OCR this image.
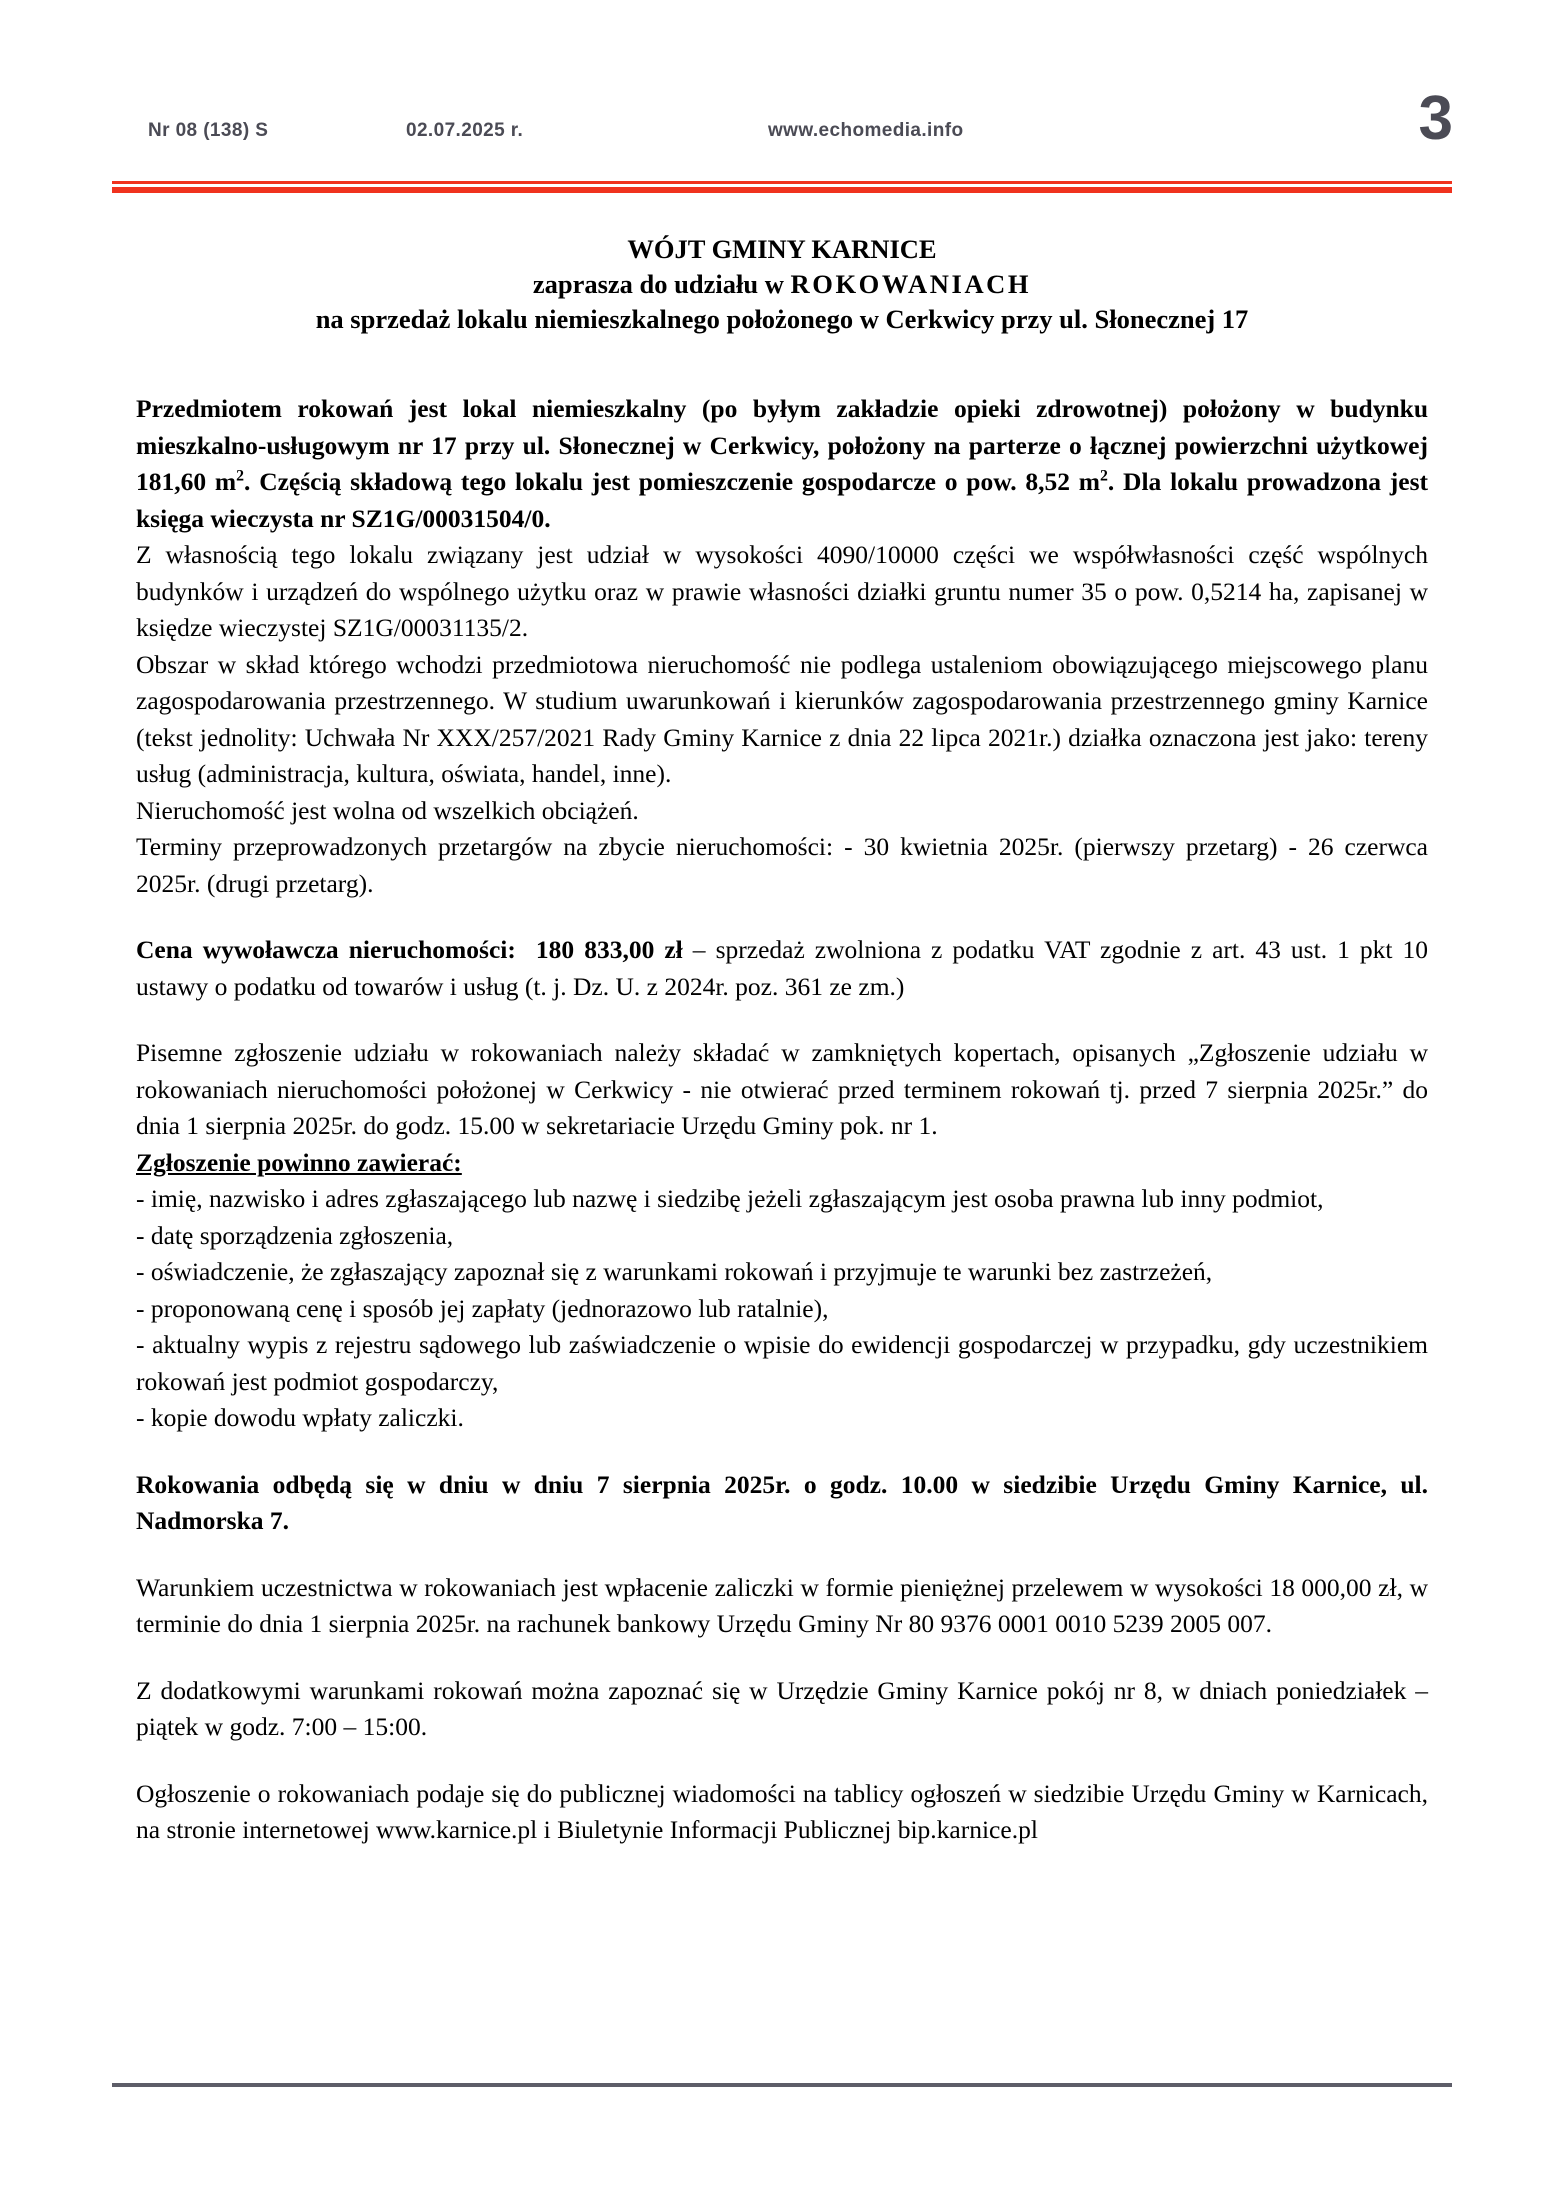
Nr 08 (138) S	02.07.2025 r.	www.echomedia.info	3
WÓJT GMINY KARNICE
zaprasza do udziału w ROKOWANIACH
na sprzedaż lokalu niemieszkalnego położonego w Cerkwicy przy ul. Słonecznej 17

Przedmiotem rokowań jest lokal niemieszkalny (po byłym zakładzie opieki zdrowotnej) położony w budynku mieszkalno-usługowym nr 17 przy ul. Słonecznej w Cerkwicy, położony na parterze o łącznej powierzchni użytkowej 181,60 $m^2$. Częścią składową tego lokalu jest pomieszczenie gospodarcze o pow. 8,52 $m^2$. Dla lokalu prowadzona jest księga wieczysta nr SZ1G/00031504/0.

Z własnością tego lokalu związany jest udział w wysokości 4090/10000 części we współwłasności część wspólnych budynków i urządzeń do wspólnego użytku oraz w prawie własności działki gruntu numer 35 o pow. 0,5214 ha, zapisanej w księdze wieczystej SZ1G/00031135/2.

Obszar w skład którego wchodzi przedmiotowa nieruchomość nie podlega ustaleniom obowiązującego miejscowego planu zagospodarowania przestrzennego. W studium uwarunkowań i kierunków zagospodarowania przestrzennego gminy Karnice (tekst jednolity: Uchwała Nr XXX/257/2021 Rady Gminy Karnice z dnia 22 lipca 2021r.) działka oznaczona jest jako: tereny usług (administracja, kultura, oświata, handel, inne).

Nieruchomość jest wolna od wszelkich obciążeń.

Terminy przeprowadzonych przetargów na zbycie nieruchomości: - 30 kwietnia 2025r. (pierwszy przetarg) - 26 czerwca 2025r. (drugi przetarg).

Cena wywoławcza nieruchomości: 180 833,00 zł – sprzedaż zwolniona z podatku VAT zgodnie z art. 43 ust. 1 pkt 10 ustawy o podatku od towarów i usług (t. j. Dz. U. z 2024r. poz. 361 ze zm.)

Pisemne zgłoszenie udziału w rokowaniach należy składać w zamkniętych kopertach, opisanych „Zgłoszenie udziału w rokowaniach nieruchomości położonej w Cerkwicy - nie otwierać przed terminem rokowań tj. przed 7 sierpnia 2025r.” do dnia 1 sierpnia 2025r. do godz. 15.00 w sekretariacie Urzędu Gminy pok. nr 1.

Zgłoszenie powinno zawierać:

- imię, nazwisko i adres zgłaszającego lub nazwę i siedzibę jeżeli zgłaszającym jest osoba prawna lub inny podmiot,
- datę sporządzenia zgłoszenia,
- oświadczenie, że zgłaszający zapoznał się z warunkami rokowań i przyjmuje te warunki bez zastrzeżeń,
- proponowaną cenę i sposób jej zapłaty (jednorazowo lub ratalnie),
- aktualny wypis z rejestru sądowego lub zaświadczenie o wpisie do ewidencji gospodarczej w przypadku, gdy uczestnikiem rokowań jest podmiot gospodarczy,
- kopie dowodu wpłaty zaliczki.

Rokowania odbędą się w dniu w dniu 7 sierpnia 2025r. o godz. 10.00 w siedzibie Urzędu Gminy Karnice, ul. Nadmorska 7.

Warunkiem uczestnictwa w rokowaniach jest wpłacenie zaliczki w formie pieniężnej przelewem w wysokości 18 000,00 zł, w terminie do dnia 1 sierpnia 2025r. na rachunek bankowy Urzędu Gminy Nr 80 9376 0001 0010 5239 2005 007.

Z dodatkowymi warunkami rokowań można zapoznać się w Urzędzie Gminy Karnice pokój nr 8, w dniach poniedziałek – piątek w godz. 7:00 – 15:00.

Ogłoszenie o rokowaniach podaje się do publicznej wiadomości na tablicy ogłoszeń w siedzibie Urzędu Gminy w Karnicach, na stronie internetowej www.karnice.pl i Biuletynie Informacji Publicznej bip.karnice.pl
